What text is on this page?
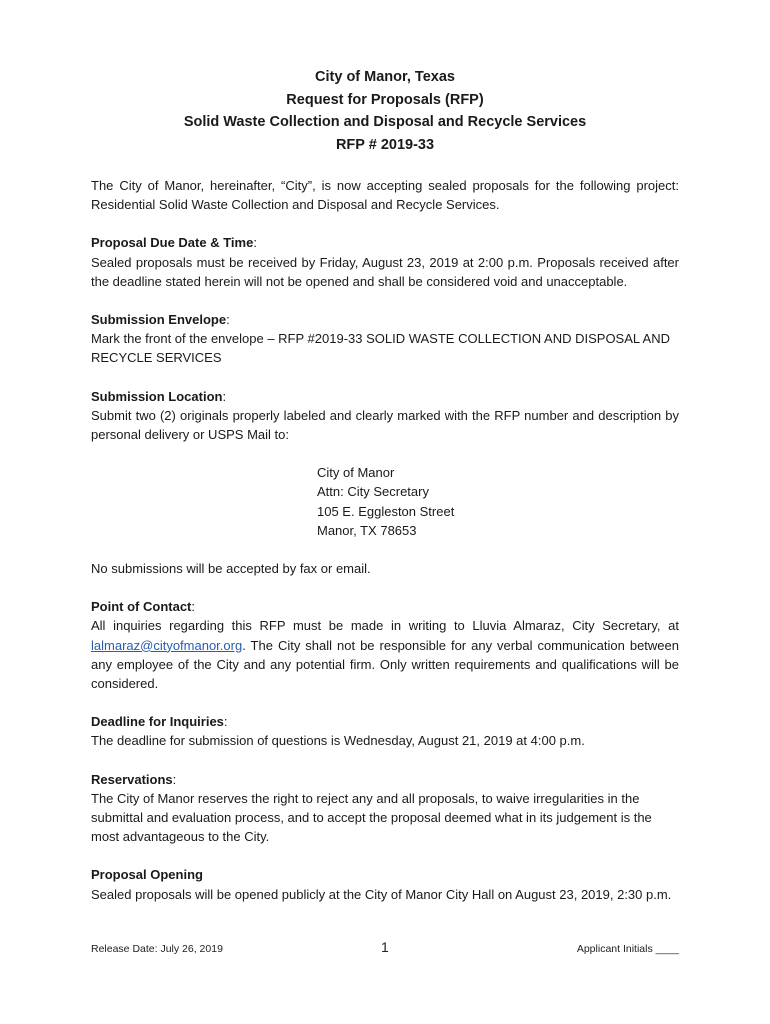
City of Manor, Texas
Request for Proposals (RFP)
Solid Waste Collection and Disposal and Recycle Services
RFP # 2019-33

The City of Manor, hereinafter, “City”, is now accepting sealed proposals for the following project: Residential Solid Waste Collection and Disposal and Recycle Services.

Proposal Due Date & Time:
Sealed proposals must be received by Friday, August 23, 2019 at 2:00 p.m. Proposals received after the deadline stated herein will not be opened and shall be considered void and unacceptable.
Submission Envelope:
Mark the front of the envelope – RFP #2019-33 SOLID WASTE COLLECTION AND DISPOSAL AND RECYCLE SERVICES
Submission Location:
Submit two (2) originals properly labeled and clearly marked with the RFP number and description by personal delivery or USPS Mail to:
City of Manor
Attn: City Secretary
105 E. Eggleston Street
Manor, TX 78653

No submissions will be accepted by fax or email.

Point of Contact:
All inquiries regarding this RFP must be made in writing to Lluvia Almaraz, City Secretary, at lalmaraz@cityofmanor.org. The City shall not be responsible for any verbal communication between any employee of the City and any potential firm. Only written requirements and qualifications will be considered.
Deadline for Inquiries:
The deadline for submission of questions is Wednesday, August 21, 2019 at 4:00 p.m.
Reservations:
The City of Manor reserves the right to reject any and all proposals, to waive irregularities in the submittal and evaluation process, and to accept the proposal deemed what in its judgement is the most advantageous to the City.
Proposal Opening
Sealed proposals will be opened publicly at the City of Manor City Hall on August 23, 2019, 2:30 p.m.
Release Date: July 26, 2019	1	Applicant Initials ____
